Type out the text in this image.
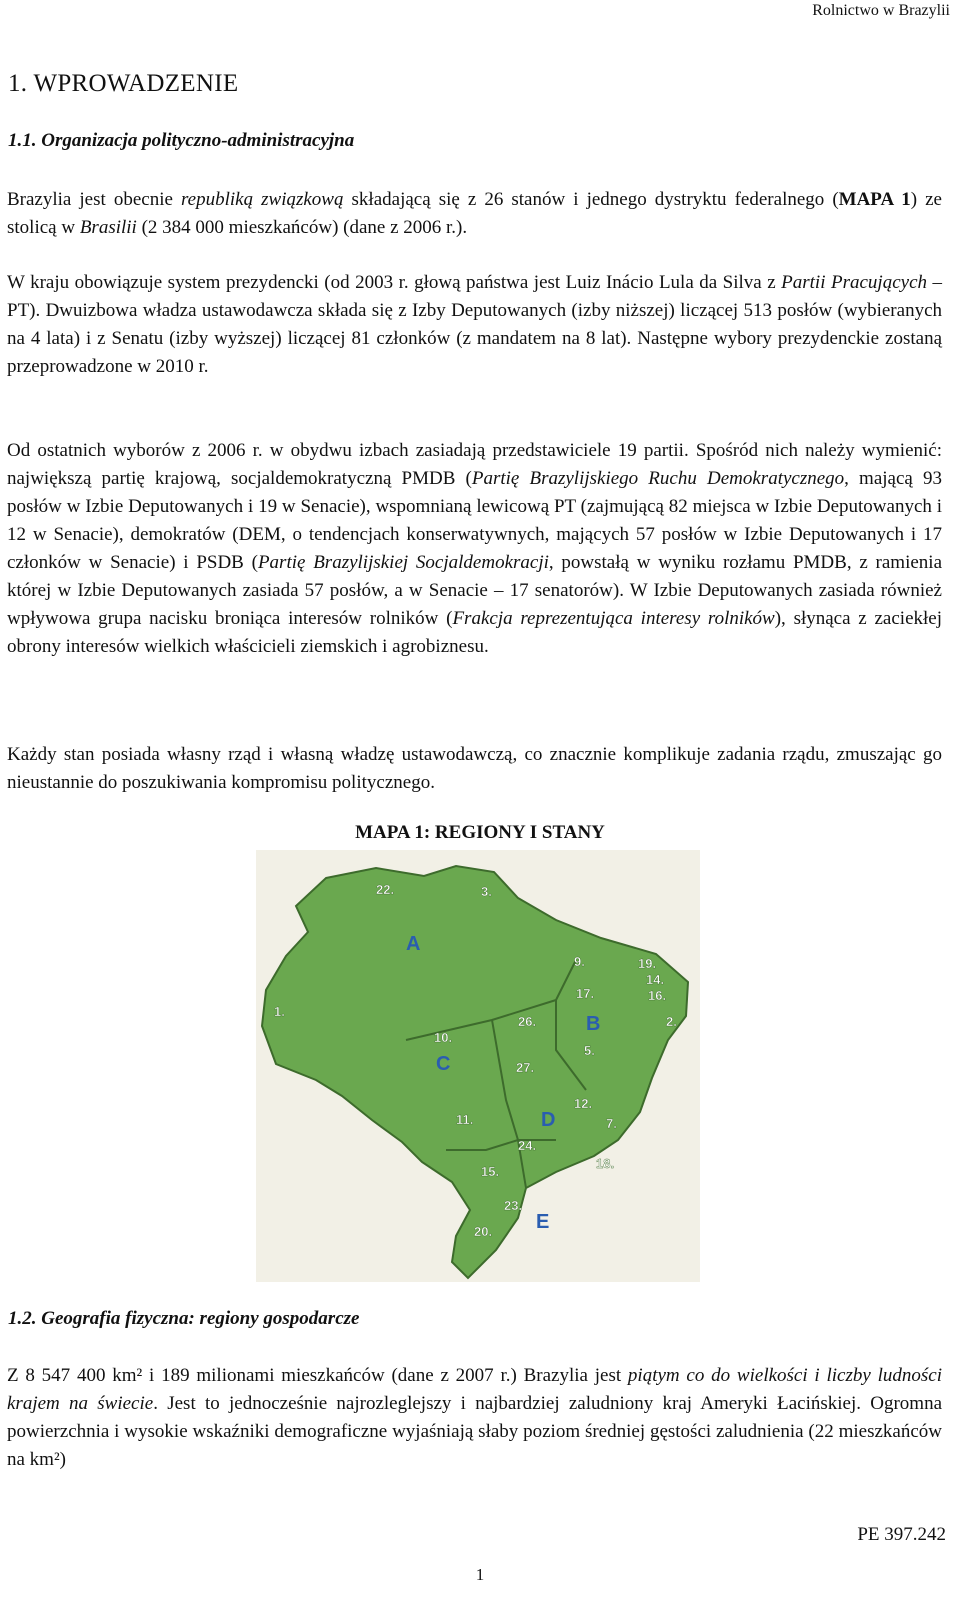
Rolnictwo w Brazylii
1. WPROWADZENIE
1.1. Organizacja polityczno-administracyjna

Brazylia jest obecnie republiką związkową składającą się z 26 stanów i jednego dystryktu federalnego (MAPA 1) ze stolicą w Brasilii (2 384 000 mieszkańców) (dane z 2006 r.).

W kraju obowiązuje system prezydencki (od 2003 r. głową państwa jest Luiz Inácio Lula da Silva z Partii Pracujących – PT). Dwuizbowa władza ustawodawcza składa się z Izby Deputowanych (izby niższej) liczącej 513 posłów (wybieranych na 4 lata) i z Senatu (izby wyższej) liczącej 81 członków (z mandatem na 8 lat). Następne wybory prezydenckie zostaną przeprowadzone w 2010 r.

Od ostatnich wyborów z 2006 r. w obydwu izbach zasiadają przedstawiciele 19 partii. Spośród nich należy wymienić: największą partię krajową, socjaldemokratyczną PMDB (Partię Brazylijskiego Ruchu Demokratycznego, mającą 93 posłów w Izbie Deputowanych i 19 w Senacie), wspomnianą lewicową PT (zajmującą 82 miejsca w Izbie Deputowanych i 12 w Senacie), demokratów (DEM, o tendencjach konserwatywnych, mających 57 posłów w Izbie Deputowanych i 17 członków w Senacie) i PSDB (Partię Brazylijskiej Socjaldemokracji, powstałą w wyniku rozłamu PMDB, z ramienia której w Izbie Deputowanych zasiada 57 posłów, a w Senacie – 17 senatorów). W Izbie Deputowanych zasiada również wpływowa grupa nacisku broniąca interesów rolników (Frakcja reprezentująca interesy rolników), słynąca z zaciekłej obrony interesów wielkich właścicieli ziemskich i agrobiznesu.

Każdy stan posiada własny rząd i własną władzę ustawodawczą, co znacznie komplikuje zadania rządu, zmuszając go nieustannie do poszukiwania kompromisu politycznego.

MAPA 1: REGIONY I STANY
A
B
C
D
E
22.	3.
19.
14.
16.
9.
17.
1.
26.	2.
5.
10.
27.
12.
7.
11.
24.
18.
15.
23.
20.
1.2. Geografia fizyczna: regiony gospodarcze

Z 8 547 400 km² i 189 milionami mieszkańców (dane z 2007 r.) Brazylia jest piątym co do wielkości i liczby ludności krajem na świecie. Jest to jednocześnie najrozleglejszy i najbardziej zaludniony kraj Ameryki Łacińskiej. Ogromna powierzchnia i wysokie wskaźniki demograficzne wyjaśniają słaby poziom średniej gęstości zaludnienia (22 mieszkańców na km²)

PE 397.242
1
